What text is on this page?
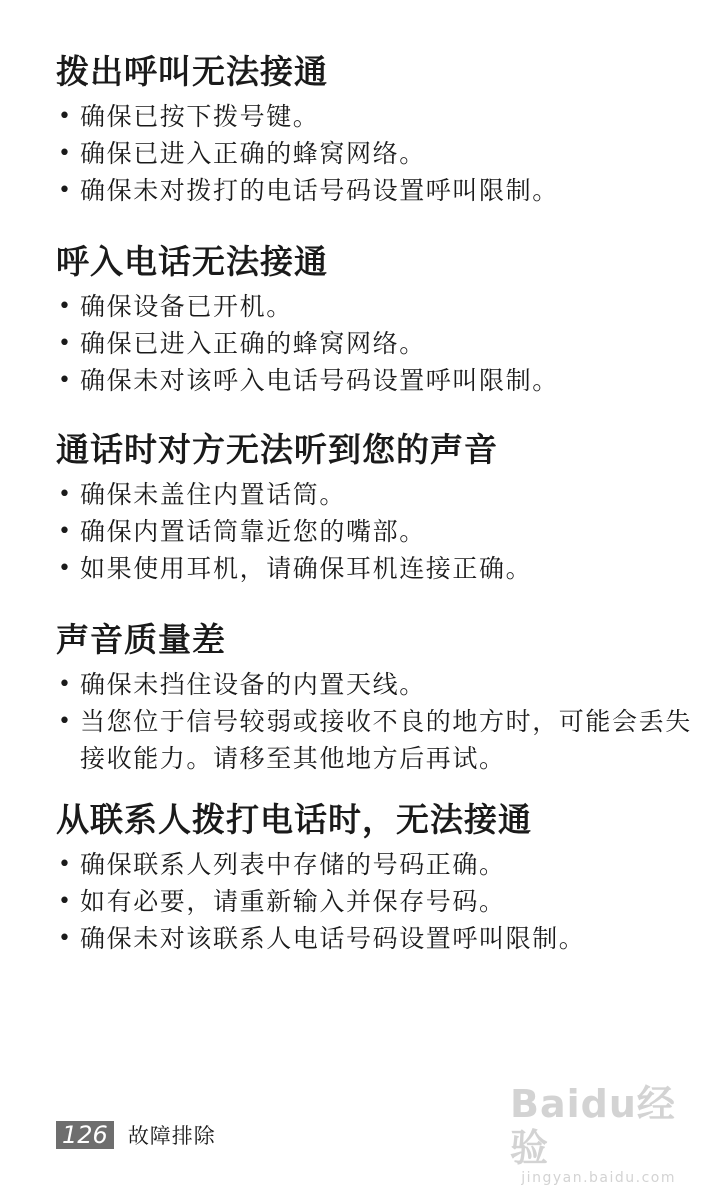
拨出呼叫无法接通
• 确保已按下拨号键。
• 确保已进入正确的蜂窝网络。
• 确保未对拨打的电话号码设置呼叫限制。
呼入电话无法接通
• 确保设备已开机。
• 确保已进入正确的蜂窝网络。
• 确保未对该呼入电话号码设置呼叫限制。
通话时对方无法听到您的声音
• 确保未盖住内置话筒。
• 确保内置话筒靠近您的嘴部。
• 如果使用耳机，请确保耳机连接正确。
声音质量差
• 确保未挡住设备的内置天线。
• 当您位于信号较弱或接收不良的地方时，可能会丢失接收能力。请移至其他地方后再试。
从联系人拨打电话时，无法接通
• 确保联系人列表中存储的号码正确。
• 如有必要，请重新输入并保存号码。
• 确保未对该联系人电话号码设置呼叫限制。
126 故障排除
Baidu经验
jingyan.baidu.com
